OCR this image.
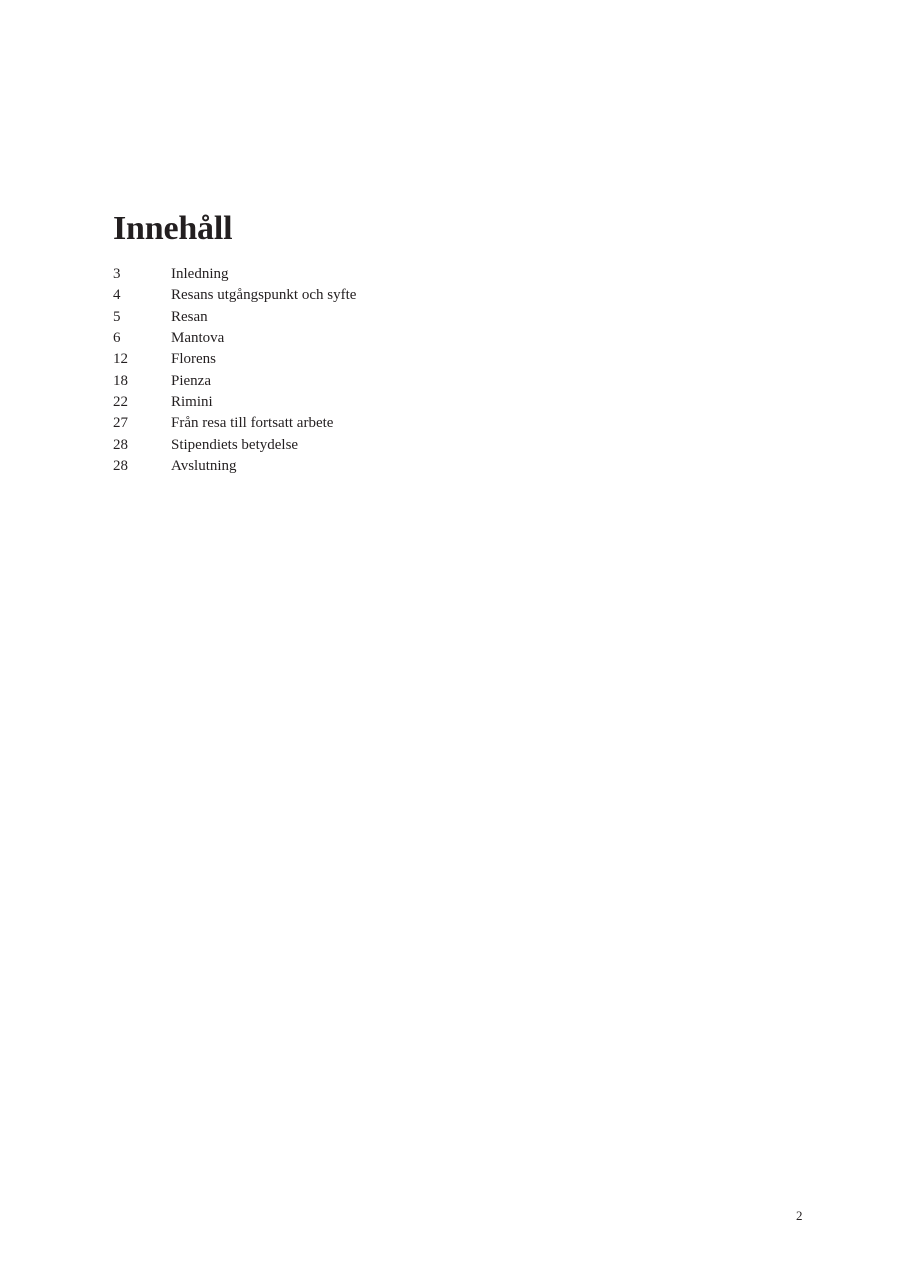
Innehåll
3	Inledning
4	Resans utgångspunkt och syfte
5	Resan
6	Mantova
12	Florens
18	Pienza
22	Rimini
27	Från resa till fortsatt arbete
28	Stipendiets betydelse
28	Avslutning
2
